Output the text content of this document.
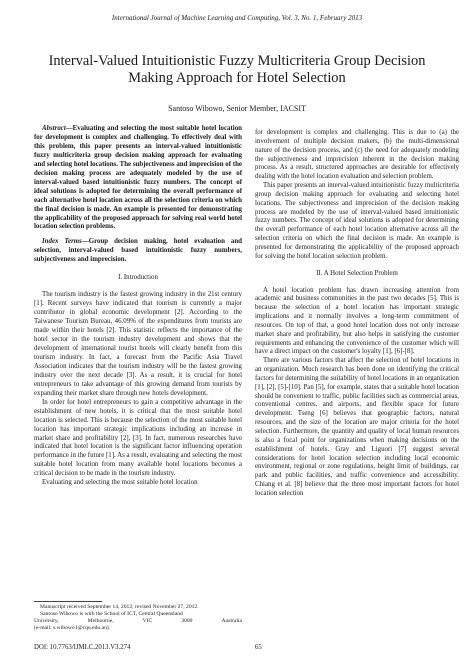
International Journal of Machine Learning and Computing, Vol. 3, No. 1, February 2013
Interval-Valued Intuitionistic Fuzzy Multicriteria Group Decision Making Approach for Hotel Selection
Santoso Wibowo, Senior Member, IACSIT

Abstract—Evaluating and selecting the most suitable hotel location for development is complex and challenging. To effectively deal with this problem, this paper presents an interval-valued intuitionistic fuzzy multicriteria group decision making approach for evaluating and selecting hotel locations. The subjectiveness and imprecision of the decision making process are adequately modeled by the use of interval-valued based intuitionistic fuzzy numbers. The concept of ideal solutions is adopted for determining the overall performance of each alternative hotel location across all the selection criteria on which the final decision is made. An example is presented for demonstrating the applicability of the proposed approach for solving real world hotel location selection problems.

Index Terms—Group decision making, hotel evaluation and selection, interval-valued based intuitionistic fuzzy numbers, subjectiveness and imprecision.

I. Introduction

The tourism industry is the fastest growing industry in the 21st century [1]. Recent surveys have indicated that tourism is currently a major contributor in global economic development [2]. According to the Taiwanese Tourism Bureau, 46.09% of the expenditures from tourists are made within their hotels [2]. This statistic reflects the importance of the hotel sector in the tourism industry development and shows that the development of international tourist hotels will clearly benefit from this tourism industry. In fact, a forecast from the Pacific Asia Travel Association indicates that the tourism industry will be the fastest growing industry over the next decade [3]. As a result, it is crucial for hotel entrepreneurs to take advantage of this growing demand from tourists by expanding their market share through new hotels development.

In order for hotel entrepreneurs to gain a competitive advantage in the establishment of new hotels, it is critical that the most suitable hotel location is selected. This is because the selection of the most suitable hotel location has important strategic implications including an increase in market share and profitability [2], [3]. In fact, numerous researches have indicated that hotel location is the significant factor influencing operation performance in the future [1]. As a result, evaluating and selecting the most suitable hotel location from many available hotel locations becomes a critical decision to be made in the tourism industry.

Evaluating and selecting the most suitable hotel location

for development is complex and challenging. This is due to (a) the involvement of multiple decision makers, (b) the multi-dimensional nature of the decision process, and (c) the need for adequately modeling the subjectiveness and imprecision inherent in the decision making process. As a result, structured approaches are desirable for effectively dealing with the hotel location evaluation and selection problem.

This paper presents an interval-valued intuitionistic fuzzy multicriteria group decision making approach for evaluating and selecting hotel locations. The subjectiveness and imprecision of the decision making process are modeled by the use of interval-valued based intuitionistic fuzzy numbers. The concept of ideal solutions is adopted for determining the overall performance of each hotel location alternative across all the selection criteria on which the final decision is made. An example is presented for demonstrating the applicability of the proposed approach for solving the hotel location selection problem.

II. A Hotel Selection Problem

A hotel location problem has drawn increasing attention from academic and business communities in the past two decades [5]. This is because the selection of a hotel location has important strategic implications and it normally involves a long-term commitment of resources. On top of that, a good hotel location does not only increase market share and profitability, but also helps in satisfying the customer requirements and enhancing the convenience of the customer which will have a direct impact on the customer's loyalty [1], [6]-[8].

There are various factors that affect the selection of hotel locations in an organization. Much research has been done on identifying the critical factors for determining the suitability of hotel locations in an organization [1], [2], [5]-[10]. Pan [5], for example, states that a suitable hotel location should be convenient to traffic, public facilities such as commercial areas, conventional centres, and airports, and flexible space for future development. Tseng [6] believes that geographic factors, natural resources, and the size of the location are major criteria for the hotel selection. Furthermore, the quantity and quality of local human resources is also a focal point for organizations when making decisions on the establishment of hotels. Gray and Liguori [7] suggest several considerations for hotel location selection including local economic environment, regional or zone regulations, height limit of buildings, car park and public facilities, and traffic convenience and accessibility. Chiang et al. [8] believe that the three most important factors for hotel location selection

Manuscript received September 14, 2012; revised November 27, 2012.

Santoso Wibowo is with the School of ICT, Central Queensland

University,	Melbourne,	VIC	3000	Australia

(e-mail: s.wibowo1@cqu.edu.au).

DOI: 10.7763/IJMLC.2013.V3.274	65
